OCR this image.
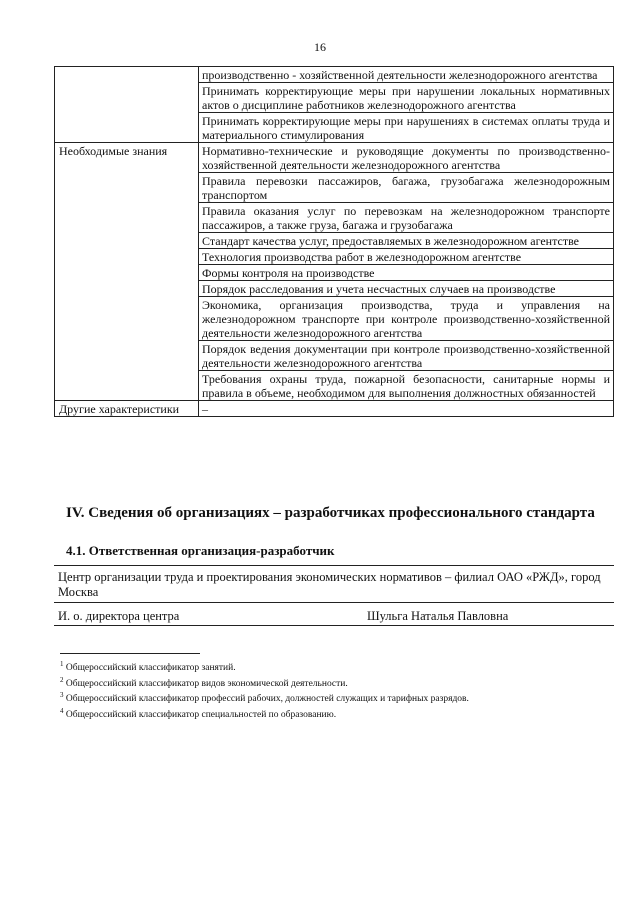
16
	производственно - хозяйственной деятельности железнодорожного агентства
	Принимать корректирующие меры при нарушении локальных нормативных актов о дисциплине работников железнодорожного агентства
	Принимать корректирующие меры при нарушениях в системах оплаты труда и материального стимулирования
Необходимые знания	Нормативно-технические и руководящие документы по производственно-хозяйственной деятельности железнодорожного агентства
	Правила перевозки пассажиров, багажа, грузобагажа железнодорожным транспортом
	Правила оказания услуг по перевозкам на железнодорожном транспорте пассажиров, а также груза, багажа и грузобагажа
	Стандарт качества услуг, предоставляемых в железнодорожном агентстве
	Технология производства работ в железнодорожном агентстве
	Формы контроля на производстве
	Порядок расследования и учета несчастных случаев на производстве
	Экономика, организация производства, труда и управления на железнодорожном транспорте при контроле производственно-хозяйственной деятельности железнодорожного агентства
	Порядок ведения документации при контроле производственно-хозяйственной деятельности железнодорожного агентства
	Требования охраны труда, пожарной безопасности, санитарные нормы и правила в объеме, необходимом для выполнения должностных обязанностей
Другие характеристики	–
IV. Сведения об организациях – разработчиках профессионального стандарта
4.1. Ответственная организация-разработчик
Центр организации труда и проектирования экономических нормативов – филиал ОАО «РЖД», город Москва
И. о. директора центра	Шульга Наталья Павловна
$^1$ Общероссийский классификатор занятий.
$^2$ Общероссийский классификатор видов экономической деятельности.
$^3$ Общероссийский классификатор профессий рабочих, должностей служащих и тарифных разрядов.
$^4$ Общероссийский классификатор специальностей по образованию.
